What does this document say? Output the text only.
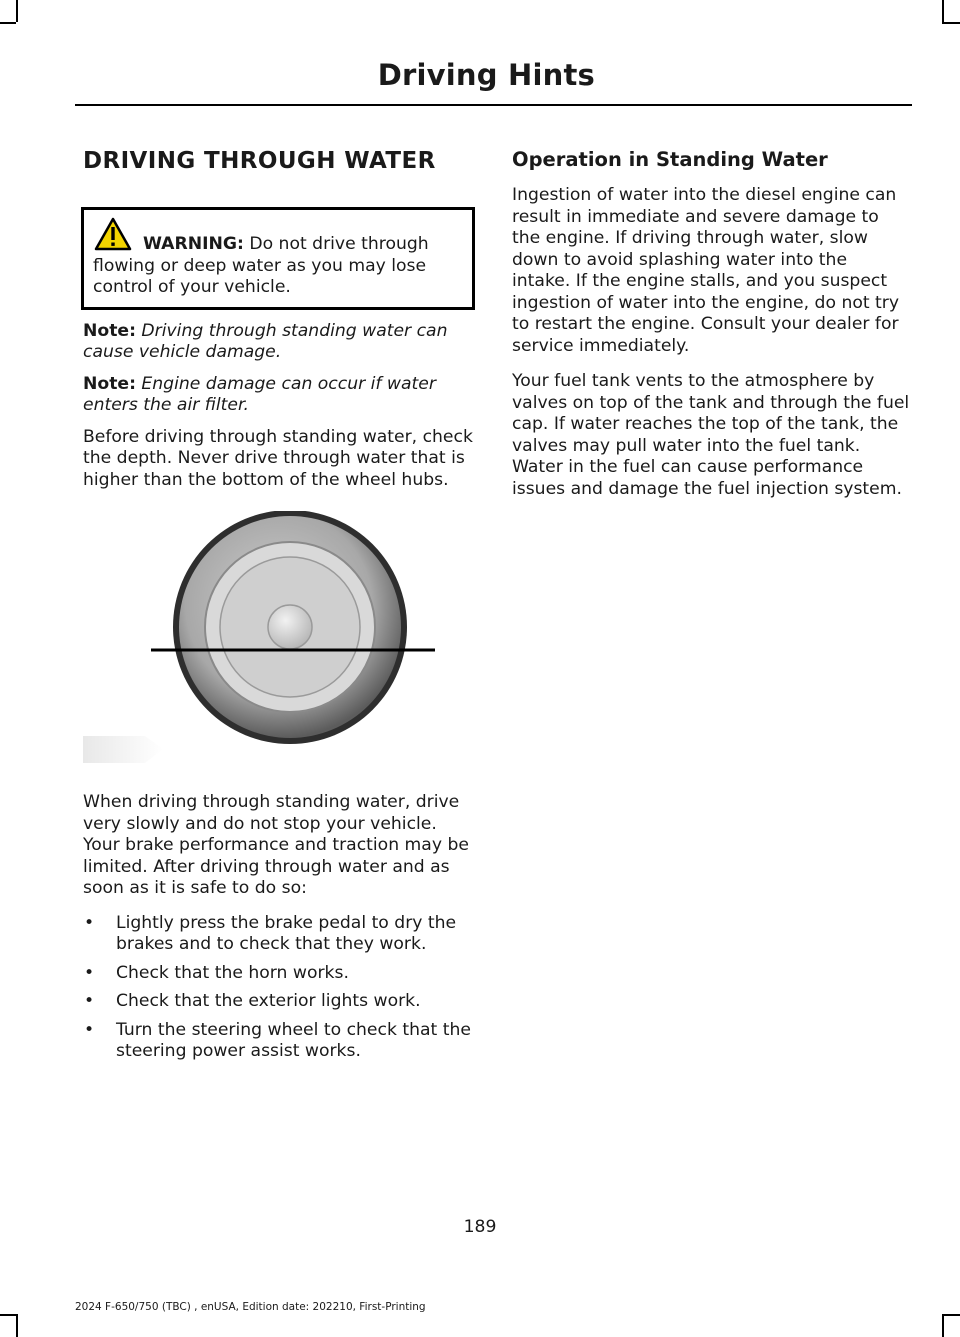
Driving Hints
DRIVING THROUGH WATER
WARNING: Do not drive through flowing or deep water as you may lose control of your vehicle.

Note: Driving through standing water can cause vehicle damage.

Note: Engine damage can occur if water enters the air filter.

Before driving through standing water, check the depth. Never drive through water that is higher than the bottom of the wheel hubs.

When driving through standing water, drive very slowly and do not stop your vehicle. Your brake performance and traction may be limited. After driving through water and as soon as it is safe to do so:

• Lightly press the brake pedal to dry the brakes and to check that they work.
• Check that the horn works.
• Check that the exterior lights work.
• Turn the steering wheel to check that the steering power assist works.
Operation in Standing Water

Ingestion of water into the diesel engine can result in immediate and severe damage to the engine. If driving through water, slow down to avoid splashing water into the intake. If the engine stalls, and you suspect ingestion of water into the engine, do not try to restart the engine. Consult your dealer for service immediately.

Your fuel tank vents to the atmosphere by valves on top of the tank and through the fuel cap. If water reaches the top of the tank, the valves may pull water into the fuel tank. Water in the fuel can cause performance issues and damage the fuel injection system.

189
2024 F-650/750 (TBC) , enUSA, Edition date: 202210, First-Printing
